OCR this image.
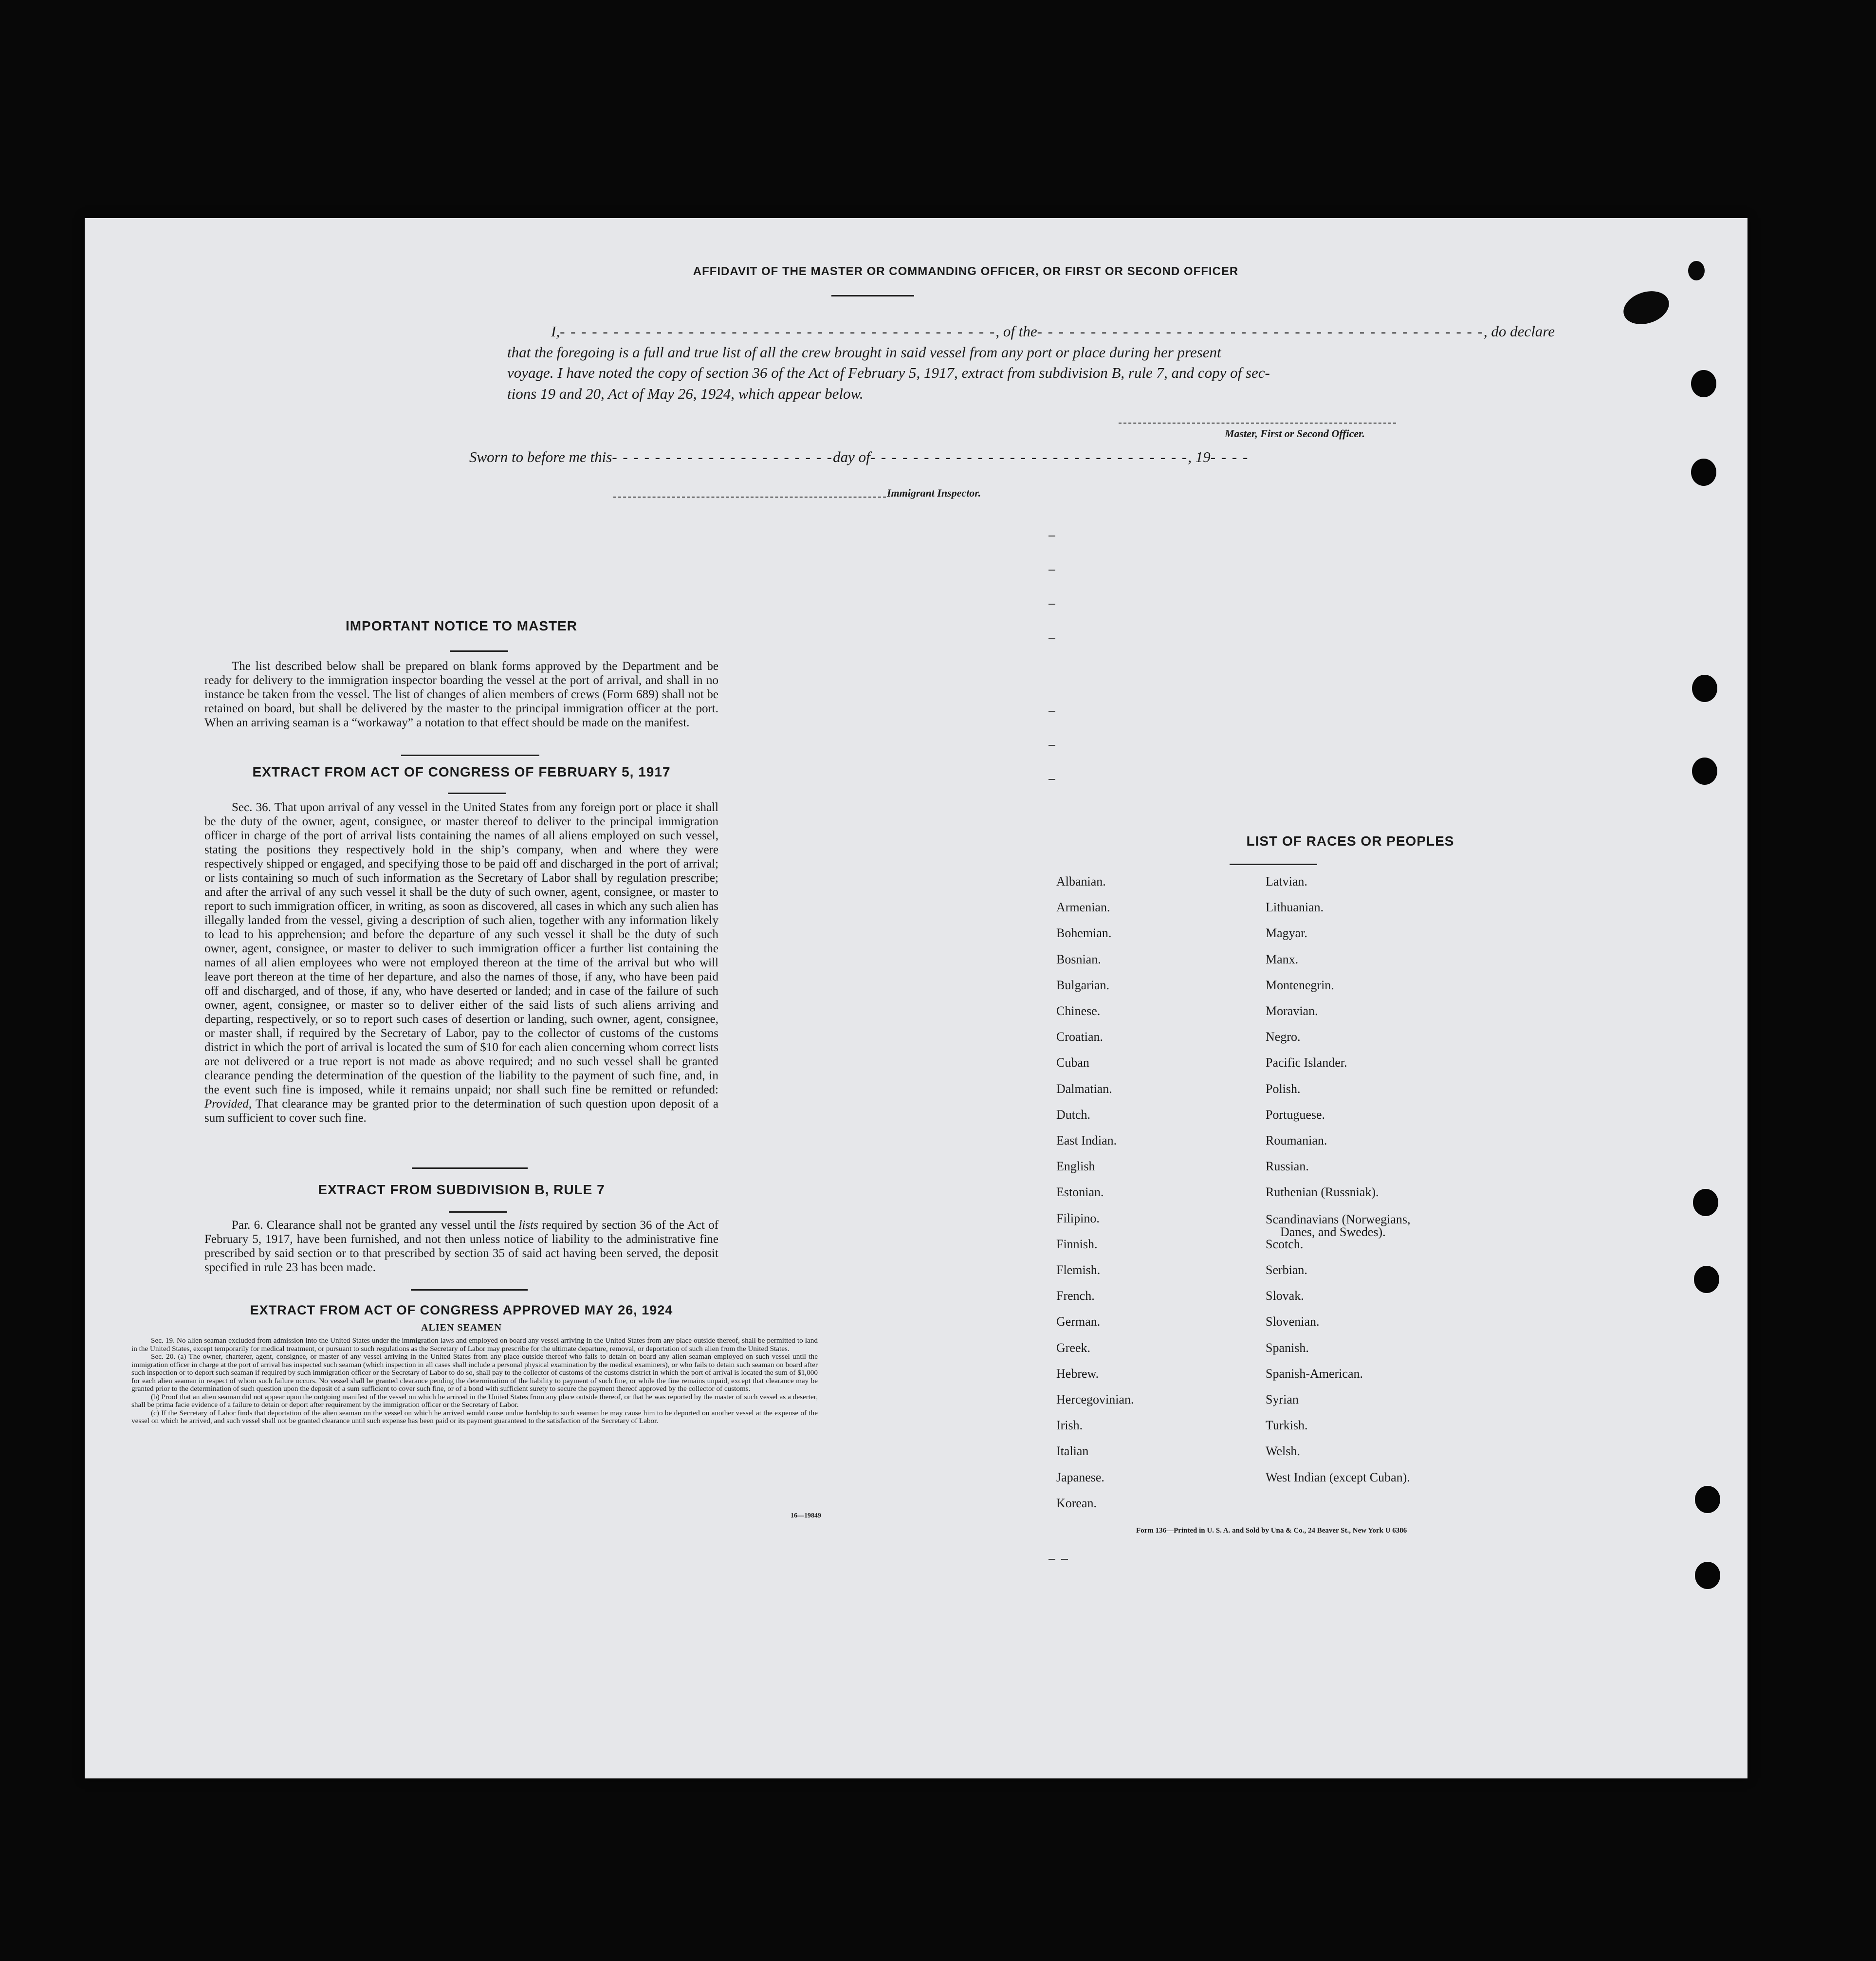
AFFIDAVIT OF THE MASTER OR COMMANDING OFFICER, OR FIRST OR SECOND OFFICER
I,- - - - - - - - - - - - - - - - - - - - - - - - - - - - - - - - - - - - - - - - -, of the- - - - - - - - - - - - - - - - - - - - - - - - - - - - - - - - - - - - - - - - - -, do declare
that the foregoing is a full and true list of all the crew brought in said vessel from any port or place during her present
voyage. I have noted the copy of section 36 of the Act of February 5, 1917, extract from subdivision B, rule 7, and copy of sec-
tions 19 and 20, Act of May 26, 1924, which appear below.
Master, First or Second Officer.
Sworn to before me this- - - - - - - - - - - - - - - - - - - - -day of- - - - - - - - - - - - - - - - - - - - - - - - - - - - - -, 19- - - -
Immigrant Inspector.
IMPORTANT NOTICE TO MASTER

The list described below shall be prepared on blank forms approved by the Department and be ready for delivery to the immigration inspector boarding the vessel at the port of arrival, and shall in no instance be taken from the vessel. The list of changes of alien members of crews (Form 689) shall not be retained on board, but shall be delivered by the master to the principal immigration officer at the port. When an arriving seaman is a “workaway” a notation to that effect should be made on the manifest.

EXTRACT FROM ACT OF CONGRESS OF FEBRUARY 5, 1917

Sec. 36. That upon arrival of any vessel in the United States from any foreign port or place it shall be the duty of the owner, agent, consignee, or master thereof to deliver to the principal immigration officer in charge of the port of arrival lists containing the names of all aliens employed on such vessel, stating the positions they respectively hold in the ship’s company, when and where they were respectively shipped or engaged, and specifying those to be paid off and discharged in the port of arrival; or lists containing so much of such information as the Secretary of Labor shall by regulation prescribe; and after the arrival of any such vessel it shall be the duty of such owner, agent, consignee, or master to report to such immigration officer, in writing, as soon as discovered, all cases in which any such alien has illegally landed from the vessel, giving a description of such alien, together with any information likely to lead to his apprehension; and before the departure of any such vessel it shall be the duty of such owner, agent, consignee, or master to deliver to such immigration officer a further list containing the names of all alien employees who were not employed thereon at the time of the arrival but who will leave port thereon at the time of her departure, and also the names of those, if any, who have been paid off and discharged, and of those, if any, who have deserted or landed; and in case of the failure of such owner, agent, consignee, or master so to deliver either of the said lists of such aliens arriving and departing, respectively, or so to report such cases of desertion or landing, such owner, agent, consignee, or master shall, if required by the Secretary of Labor, pay to the collector of customs of the customs district in which the port of arrival is located the sum of $10 for each alien concerning whom correct lists are not delivered or a true report is not made as above required; and no such vessel shall be granted clearance pending the determination of the question of the liability to the payment of such fine, and, in the event such fine is imposed, while it remains unpaid; nor shall such fine be remitted or refunded: Provided, That clearance may be granted prior to the determination of such question upon deposit of a sum sufficient to cover such fine.

EXTRACT FROM SUBDIVISION B, RULE 7

Par. 6. Clearance shall not be granted any vessel until the lists required by section 36 of the Act of February 5, 1917, have been furnished, and not then unless notice of liability to the administrative fine prescribed by said section or to that prescribed by section 35 of said act having been served, the deposit specified in rule 23 has been made.

EXTRACT FROM ACT OF CONGRESS APPROVED MAY 26, 1924
ALIEN SEAMEN

Sec. 19. No alien seaman excluded from admission into the United States under the immigration laws and employed on board any vessel arriving in the United States from any place outside thereof, shall be permitted to land in the United States, except temporarily for medical treatment, or pursuant to such regulations as the Secretary of Labor may prescribe for the ultimate departure, removal, or deportation of such alien from the United States.

Sec. 20. (a) The owner, charterer, agent, consignee, or master of any vessel arriving in the United States from any place outside thereof who fails to detain on board any alien seaman employed on such vessel until the immigration officer in charge at the port of arrival has inspected such seaman (which inspection in all cases shall include a personal physical examination by the medical examiners), or who fails to detain such seaman on board after such inspection or to deport such seaman if required by such immigration officer or the Secretary of Labor to do so, shall pay to the collector of customs of the customs district in which the port of arrival is located the sum of $1,000 for each alien seaman in respect of whom such failure occurs. No vessel shall be granted clearance pending the determination of the liability to payment of such fine, or while the fine remains unpaid, except that clearance may be granted prior to the determination of such question upon the deposit of a sum sufficient to cover such fine, or of a bond with sufficient surety to secure the payment thereof approved by the collector of customs.

(b) Proof that an alien seaman did not appear upon the outgoing manifest of the vessel on which he arrived in the United States from any place outside thereof, or that he was reported by the master of such vessel as a deserter, shall be prima facie evidence of a failure to detain or deport after requirement by the immigration officer or the Secretary of Labor.

(c) If the Secretary of Labor finds that deportation of the alien seaman on the vessel on which he arrived would cause undue hardship to such seaman he may cause him to be deported on another vessel at the expense of the vessel on which he arrived, and such vessel shall not be granted clearance until such expense has been paid or its payment guaranteed to the satisfaction of the Secretary of Labor.

16—19849
LIST OF RACES OR PEOPLES
Albanian.
Armenian.
Bohemian.
Bosnian.
Bulgarian.
Chinese.
Croatian.
Cuban
Dalmatian.
Dutch.
East Indian.
English
Estonian.
Filipino.
Finnish.
Flemish.
French.
German.
Greek.
Hebrew.
Hercegovinian.
Irish.
Italian
Japanese.
Korean.
Latvian.
Lithuanian.
Magyar.
Manx.
Montenegrin.
Moravian.
Negro.
Pacific Islander.
Polish.
Portuguese.
Roumanian.
Russian.
Ruthenian (Russniak).
Scandinavians (Norwegians,
Danes, and Swedes).
Scotch.
Serbian.
Slovak.
Slovenian.
Spanish.
Spanish-American.
Syrian
Turkish.
Welsh.
West Indian (except Cuban).
Form 136—Printed in U. S. A. and Sold by Una & Co., 24 Beaver St., New York U 6386
